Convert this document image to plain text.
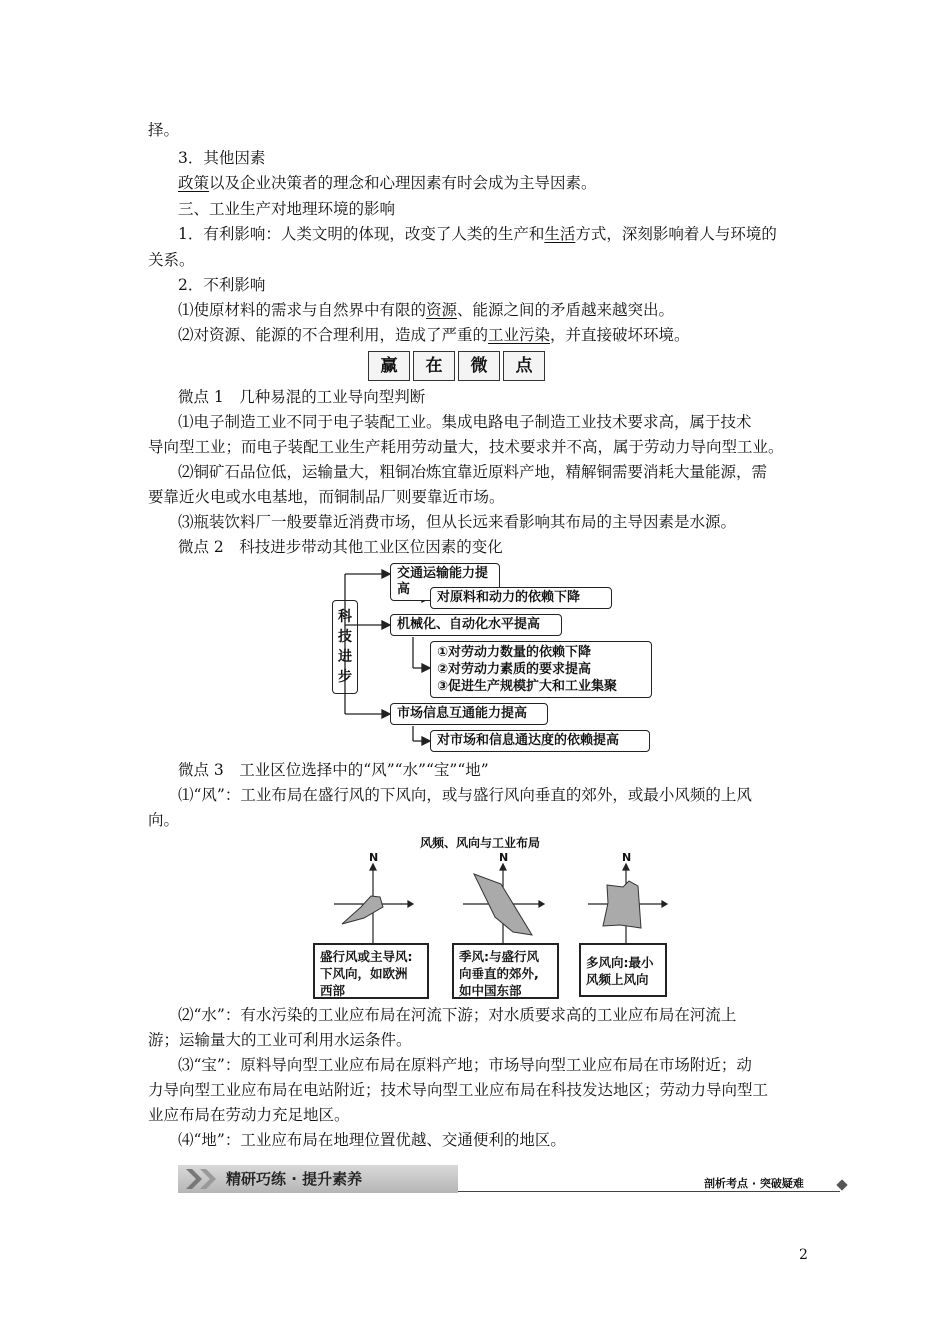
择。
3．其他因素
政策以及企业决策者的理念和心理因素有时会成为主导因素。
三、工业生产对地理环境的影响
1．有利影响：人类文明的体现，改变了人类的生产和生活方式，深刻影响着人与环境的
关系。
2．不利影响
⑴使原材料的需求与自然界中有限的资源、能源之间的矛盾越来越突出。
⑵对资源、能源的不合理利用，造成了严重的工业污染，并直接破坏环境。
赢 在 微 点
微点 1　几种易混的工业导向型判断
⑴电子制造工业不同于电子装配工业。集成电路电子制造工业技术要求高，属于技术
导向型工业；而电子装配工业生产耗用劳动量大，技术要求并不高，属于劳动力导向型工业。
⑵铜矿石品位低，运输量大，粗铜冶炼宜靠近原料产地，精解铜需要消耗大量能源，需
要靠近火电或水电基地，而铜制品厂则要靠近市场。
⑶瓶装饮料厂一般要靠近消费市场，但从长远来看影响其布局的主导因素是水源。
微点 2　科技进步带动其他工业区位因素的变化
科技进步
交通运输能力提高
对原料和动力的依赖下降
机械化、自动化水平提高
①对劳动力数量的依赖下降
②对劳动力素质的要求提高
③促进生产规模扩大和工业集聚
市场信息互通能力提高
对市场和信息通达度的依赖提高
微点 3　工业区位选择中的“风”“水”“宝”“地”
⑴“风”：工业布局在盛行风的下风向，或与盛行风向垂直的郊外，或最小风频的上风
向。
风频、风向与工业布局
N	N	N
盛行风或主导风:
下风向，如欧洲
西部
季风:与盛行风
向垂直的郊外,
如中国东部
多风向:最小
风频上风向
⑵“水”：有水污染的工业应布局在河流下游；对水质要求高的工业应布局在河流上
游；运输量大的工业可利用水运条件。
⑶“宝”：原料导向型工业应布局在原料产地；市场导向型工业应布局在市场附近；动
力导向型工业应布局在电站附近；技术导向型工业应布局在科技发达地区；劳动力导向型工
业应布局在劳动力充足地区。
⑷“地”：工业应布局在地理位置优越、交通便利的地区。
精研巧练 · 提升素养	剖析考点 · 突破疑难
2
